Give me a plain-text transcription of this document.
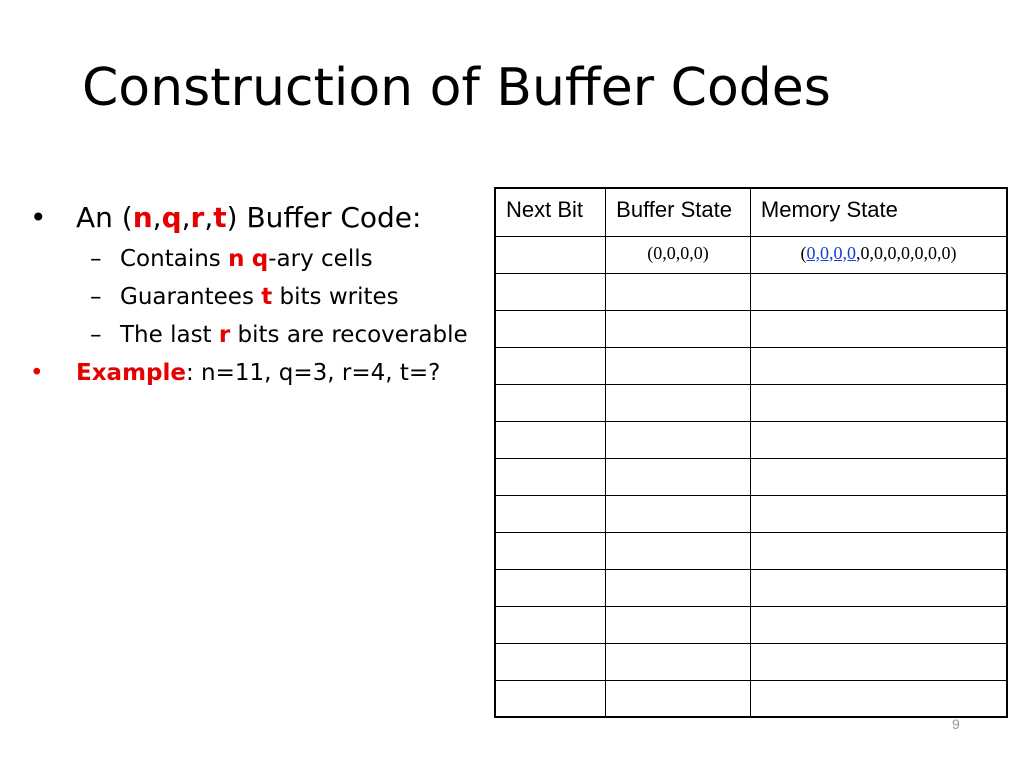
Construction of Buffer Codes
• An (n,q,r,t) Buffer Code:
– Contains n q-ary cells
– Guarantees t bits writes
– The last r bits are recoverable
• Example: n=11, q=3, r=4, t=?
Next Bit	Buffer State	Memory State
	(0,0,0,0)	(0,0,0,0,0,0,0,0,0,0,0)

9
